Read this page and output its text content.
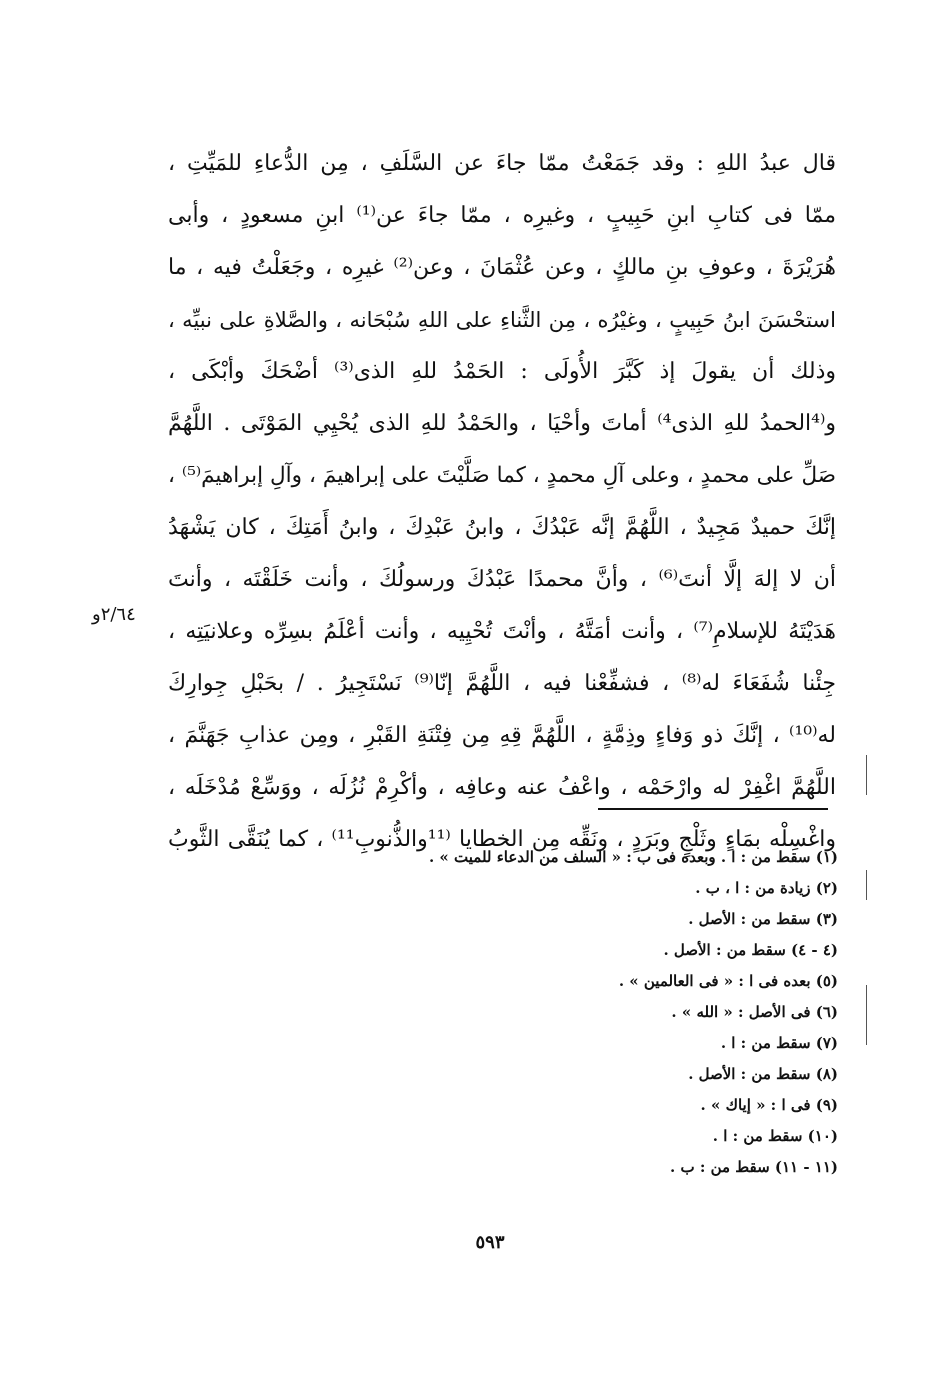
قال عبدُ اللهِ : وقد جَمَعْتُ ممّا جاءَ عن السَّلَفِ ، مِن الدُّعاءِ للمَيِّتِ ،
ممّا فى كتابِ ابنِ حَبِيبٍ ، وغيرِه ، ممّا جاءَ عن⁽¹⁾ ابنِ مسعودٍ ، وأبى
هُرَيْرَةَ ، وعوفِ بنِ مالكٍ ، وعن عُثْمَانَ ، وعن⁽²⁾ غيرِه ، وجَعَلْتُ فيه ، ما
استحْسَنَ ابنُ حَبِيبٍ ، وغيْرُه ، مِن الثَّناءِ على اللهِ سُبْحَانه ، والصَّلاةِ على نبيِّه ،
وذلك أن يقولَ إذ كَبَّرَ الأُولَى : الحَمْدُ للهِ الذى⁽³⁾ أضْحَكَ وأبْكَى ،
و⁽⁴الحمدُ للهِ الذى⁴⁾ أماتَ وأحْيَا ، والحَمْدُ للهِ الذى يُحْيِي المَوْتَى . اللَّهُمَّ
صَلِّ على محمدٍ ، وعلى آلِ محمدٍ ، كما صَلَّيْتَ على إبراهيمَ ، وآلِ إبراهيمَ⁽⁵⁾ ،
إنَّكَ حميدٌ مَجِيدٌ ، اللَّهُمَّ إنَّه عَبْدُكَ ، وابنُ عَبْدِكَ ، وابنُ أَمَتِكَ ، كان يَشْهَدُ
أن لا إلهَ إلَّا أنتَ⁽⁶⁾ ، وأنَّ محمدًا عَبْدُكَ ورسولُكَ ، وأنت خَلَقْتَه ، وأنتَ
هَدَيْتَهُ للإسلامِ⁽⁷⁾ ، وأنت أمَتَّهُ ، وأنْتَ تُحْيِيه ، وأنت أعْلَمُ بسِرِّه وعلانيَتِه ،
جِئْنا شُفَعَاءَ له⁽⁸⁾ ، فشفِّعْنا فيه ، اللَّهُمَّ إنّا⁽⁹⁾ نَسْتَجِيرُ . / بحَبْلِ جِوارِكَ
له⁽¹⁰⁾ ، إنَّكَ ذو وَفاءٍ وذِمَّةٍ ، اللَّهُمَّ قِهِ مِن فِتْنَةِ القَبْرِ ، ومِن عذابِ جَهَنَّمَ ،
اللَّهُمَّ اغْفِرْ له وارْحَمْه ، واعْفُ عنه وعافِه ، وأكْرِمْ نُزُلَه ، ووَسِّعْ مُدْخَلَه ،
واغْسِلْه بمَاءٍ وثَلْجٍ وبَرَدٍ ، ونَقِّه مِن الخطايا ⁽¹¹والذُّنوبِ¹¹⁾ ، كما يُنَقَّى الثَّوبُ
٢/٦٤و
(١) سقط من : ا . وبعده فى ب : « السلف من الدعاء للميت » .
(٢) زيادة من : ا ، ب .
(٣) سقط من : الأصل .
(٤ - ٤) سقط من : الأصل .
(٥) بعده فى ا : « فى العالمين » .
(٦) فى الأصل : « الله » .
(٧) سقط من : ا .
(٨) سقط من : الأصل .
(٩) فى ا : « إياك » .
(١٠) سقط من : ا .
(١١ - ١١) سقط من : ب .
٥٩٣
